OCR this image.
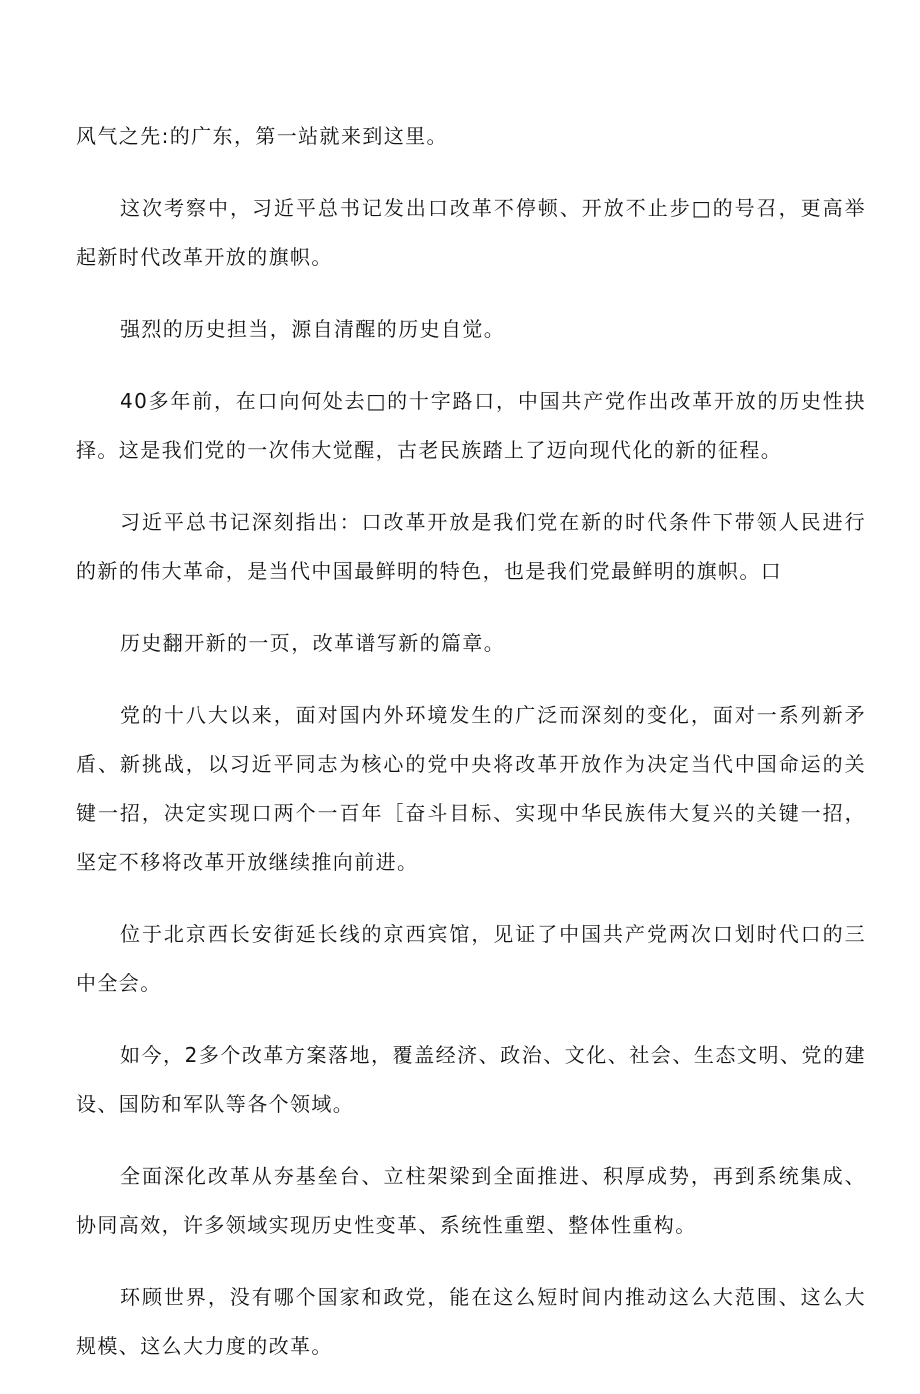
风气之先:的广东，第一站就来到这里。

这次考察中，习近平总书记发出口改革不停顿、开放不止步□的号召，更高举起新时代改革开放的旗帜。

强烈的历史担当，源自清醒的历史自觉。

40多年前，在口向何处去□的十字路口，中国共产党作出改革开放的历史性抉择。这是我们党的一次伟大觉醒，古老民族踏上了迈向现代化的新的征程。

习近平总书记深刻指出：口改革开放是我们党在新的时代条件下带领人民进行的新的伟大革命，是当代中国最鲜明的特色，也是我们党最鲜明的旗帜。口

历史翻开新的一页，改革谱写新的篇章。

党的十八大以来，面对国内外环境发生的广泛而深刻的变化，面对一系列新矛盾、新挑战，以习近平同志为核心的党中央将改革开放作为决定当代中国命运的关键一招，决定实现口两个一百年［奋斗目标、实现中华民族伟大复兴的关键一招，坚定不移将改革开放继续推向前进。

位于北京西长安街延长线的京西宾馆，见证了中国共产党两次口划时代口的三中全会。

如今，2多个改革方案落地，覆盖经济、政治、文化、社会、生态文明、党的建设、国防和军队等各个领域。

全面深化改革从夯基垒台、立柱架梁到全面推进、积厚成势，再到系统集成、协同高效，许多领域实现历史性变革、系统性重塑、整体性重构。

环顾世界，没有哪个国家和政党，能在这么短时间内推动这么大范围、这么大规模、这么大力度的改革。
